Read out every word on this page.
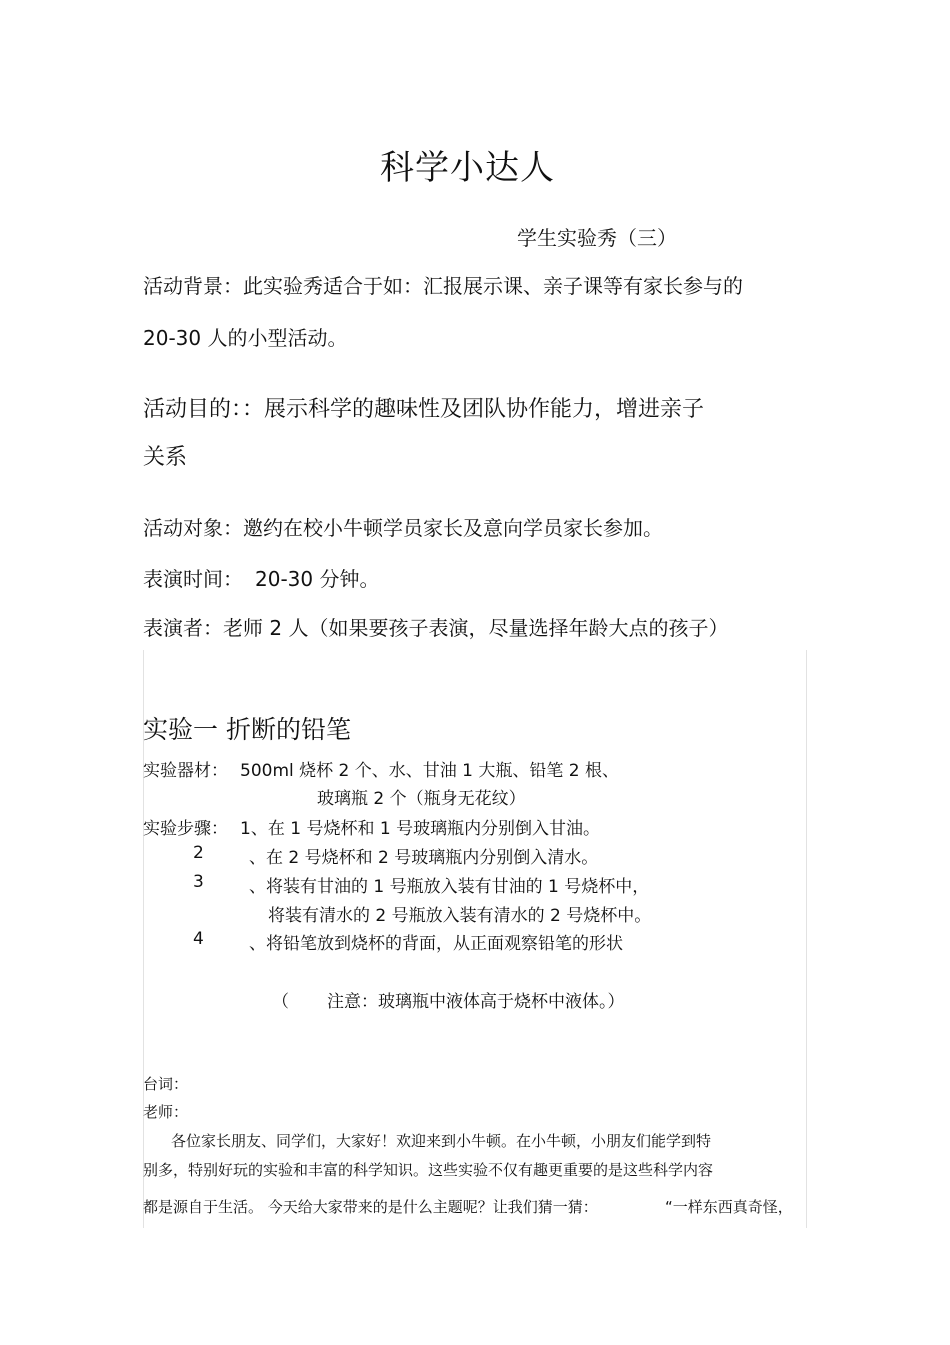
科学小达人
学生实验秀（三）
活动背景：此实验秀适合于如：汇报展示课、亲子课等有家长参与的
20-30 人的小型活动。
活动目的：：展示科学的趣味性及团队协作能力，增进亲子
关系
活动对象：邀约在校小牛顿学员家长及意向学员家长参加。
表演时间： 20-30 分钟。
表演者：老师 2 人（如果要孩子表演，尽量选择年龄大点的孩子）
实验一 折断的铅笔
实验器材： 500ml 烧杯 2 个、水、甘油 1 大瓶、铅笔 2 根、
玻璃瓶 2 个（瓶身无花纹）
实验步骤： 1、在 1 号烧杯和 1 号玻璃瓶内分别倒入甘油。
2	、在 2 号烧杯和 2 号玻璃瓶内分别倒入清水。
3	、将装有甘油的 1 号瓶放入装有甘油的 1 号烧杯中，
将装有清水的 2 号瓶放入装有清水的 2 号烧杯中。
4	、将铅笔放到烧杯的背面，从正面观察铅笔的形状
（ 注意：玻璃瓶中液体高于烧杯中液体。）
台词：
老师：
各位家长朋友、同学们，大家好！欢迎来到小牛顿。在小牛顿，小朋友们能学到特
别多，特别好玩的实验和丰富的科学知识。这些实验不仅有趣更重要的是这些科学内容
都是源自于生活。 今天给大家带来的是什么主题呢？让我们猜一猜：	“一样东西真奇怪，
